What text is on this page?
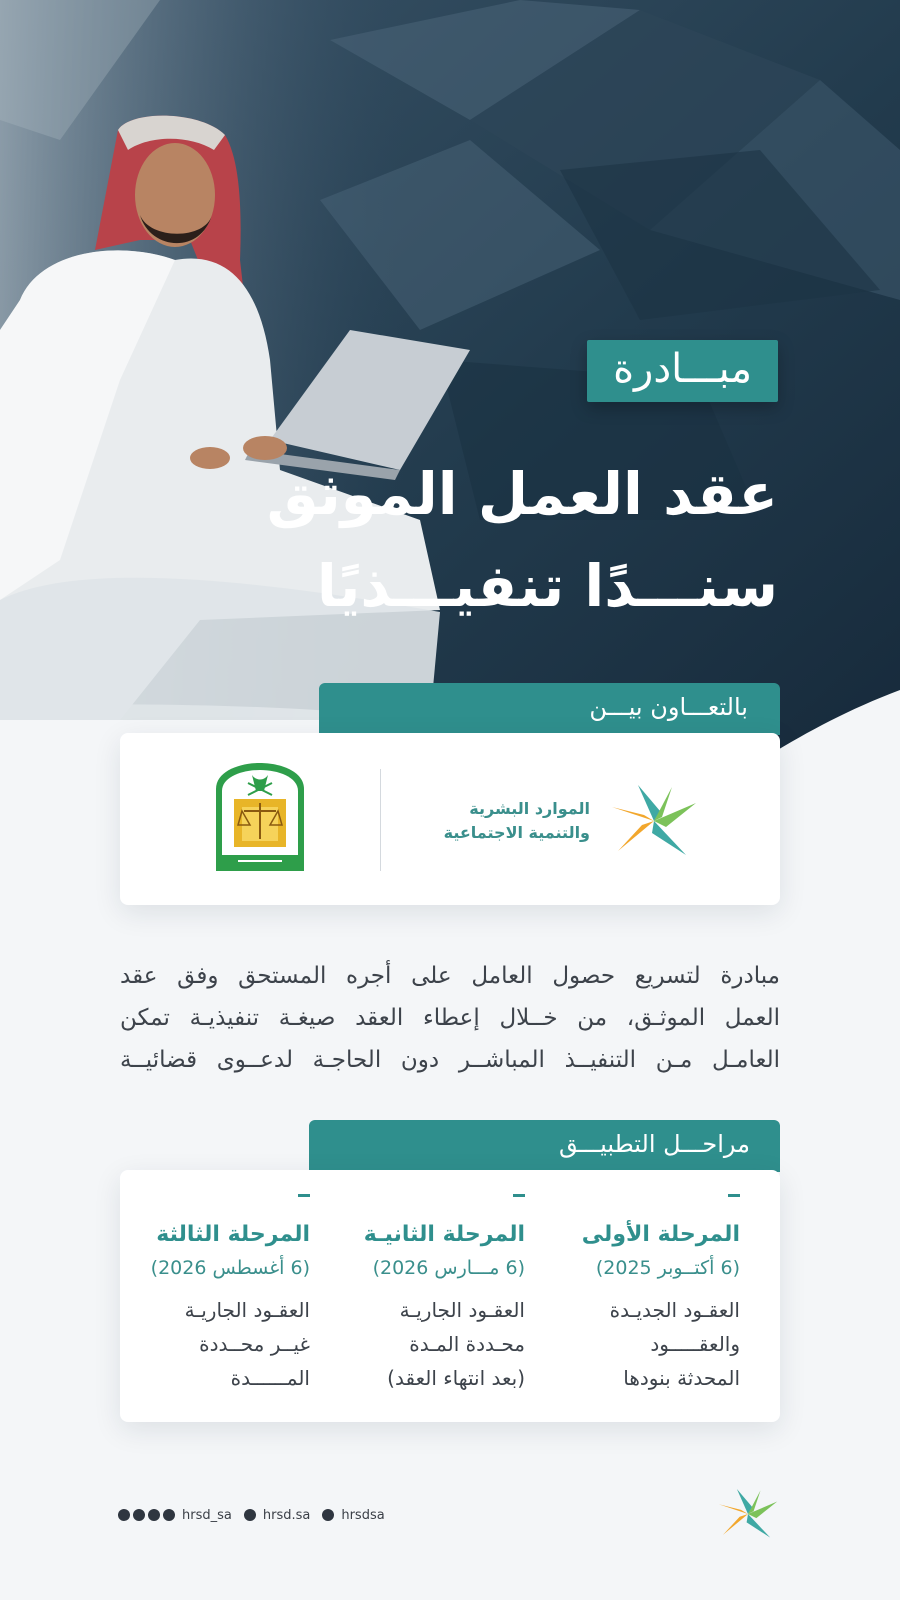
مبـــادرة
عقد العمل الموثق
سنـــدًا تنفيـــذيًا
بالتعـــاون بيـــن
الموارد البشرية
والتنمية الاجتماعية

مبادرة لتسريع حصول العامل على أجره المستحق وفق عقد

العمل الموثـق، من خــلال إعطاء العقد صيغـة تنفيذيـة تمكن

العامـل مـن التنفيــذ المباشــر دون الحاجـة لدعــوى قضائيــة

مراحـــل التطبيـــق
المرحلة الأولى
(6 أكتــوبر 2025)
العقـود الجديـدة
والعقـــــود
المحدثة بنودها
المرحلة الثانيـة
(6 مـــارس 2026)
العقـود الجاريـة
محـددة المـدة
(بعد انتهاء العقد)
المرحلة الثالثة
(6 أغسطس 2026)
العقـود الجاريـة
غيــر محــددة
المــــــدة
hrsd_sa hrsd.sa hrsdsa
